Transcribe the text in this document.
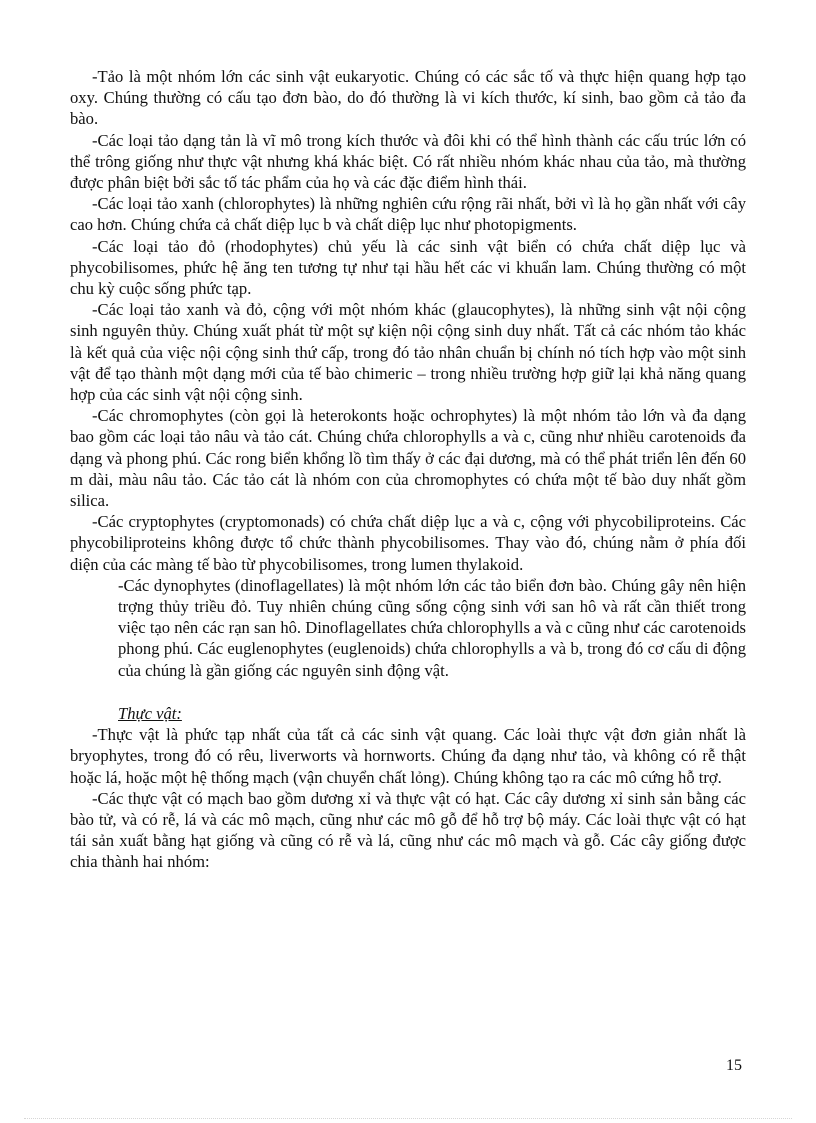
-Tảo là một nhóm lớn các sinh vật eukaryotic. Chúng có các sắc tố và thực hiện quang hợp tạo oxy. Chúng thường có cấu tạo đơn bào, do đó thường là vi kích thước, kí sinh, bao gồm cả tảo đa bào.

-Các loại tảo dạng tản là vĩ mô trong kích thước và đôi khi có thể hình thành các cấu trúc lớn có thể trông giống như thực vật nhưng khá khác biệt. Có rất nhiều nhóm khác nhau của tảo, mà thường được phân biệt bởi sắc tố tác phẩm của họ và các đặc điểm hình thái.

-Các loại tảo xanh (chlorophytes) là những nghiên cứu rộng rãi nhất, bởi vì là họ gần nhất với cây cao hơn. Chúng chứa cả chất diệp lục b và chất diệp lục như photopigments.

-Các loại tảo đỏ (rhodophytes) chủ yếu là các sinh vật biển có chứa chất diệp lục và phycobilisomes, phức hệ ăng ten tương tự như tại hầu hết các vi khuẩn lam. Chúng thường có một chu kỳ cuộc sống phức tạp.

-Các loại tảo xanh và đỏ, cộng với một nhóm khác (glaucophytes), là những sinh vật nội cộng sinh nguyên thủy. Chúng xuất phát từ một sự kiện nội cộng sinh duy nhất. Tất cả các nhóm tảo khác là kết quả của việc nội cộng sinh thứ cấp, trong đó tảo nhân chuẩn bị chính nó tích hợp vào một sinh vật để tạo thành một dạng mới của tế bào chimeric – trong nhiều trường hợp giữ lại khả năng quang hợp của các sinh vật nội cộng sinh.

-Các chromophytes (còn gọi là heterokonts hoặc ochrophytes) là một nhóm tảo lớn và đa dạng bao gồm các loại tảo nâu và tảo cát. Chúng chứa chlorophylls a và c, cũng như nhiều carotenoids đa dạng và phong phú. Các rong biển khổng lồ tìm thấy ở các đại dương, mà có thể phát triển lên đến 60 m dài, màu nâu tảo. Các tảo cát là nhóm con của chromophytes có chứa một tế bào duy nhất gồm silica.

-Các cryptophytes (cryptomonads) có chứa chất diệp lục a và c, cộng với phycobiliproteins. Các phycobiliproteins không được tổ chức thành phycobilisomes. Thay vào đó, chúng nằm ở phía đối diện của các màng tế bào từ phycobilisomes, trong lumen thylakoid.

-Các dynophytes (dinoflagellates) là một nhóm lớn các tảo biển đơn bào. Chúng gây nên hiện trợng thủy triều đỏ. Tuy nhiên chúng cũng sống cộng sinh với san hô và rất cần thiết trong việc tạo nên các rạn san hô. Dinoflagellates chứa chlorophylls a và c cũng như các carotenoids phong phú. Các euglenophytes (euglenoids) chứa chlorophylls a và b, trong đó cơ cấu di động của chúng là gần giống các nguyên sinh động vật.

Thực vật:

-Thực vật là phức tạp nhất của tất cả các sinh vật quang. Các loài thực vật đơn giản nhất là bryophytes, trong đó có rêu, liverworts và hornworts. Chúng đa dạng như tảo, và không có rễ thật hoặc lá, hoặc một hệ thống mạch (vận chuyển chất lỏng). Chúng không tạo ra các mô cứng hỗ trợ.

-Các thực vật có mạch bao gồm dương xỉ và thực vật có hạt. Các cây dương xỉ sinh sản bằng các bào tử, và có rễ, lá và các mô mạch, cũng như các mô gỗ để hỗ trợ bộ máy. Các loài thực vật có hạt tái sản xuất bằng hạt giống và cũng có rễ và lá, cũng như các mô mạch và gỗ. Các cây giống được chia thành hai nhóm:

15
